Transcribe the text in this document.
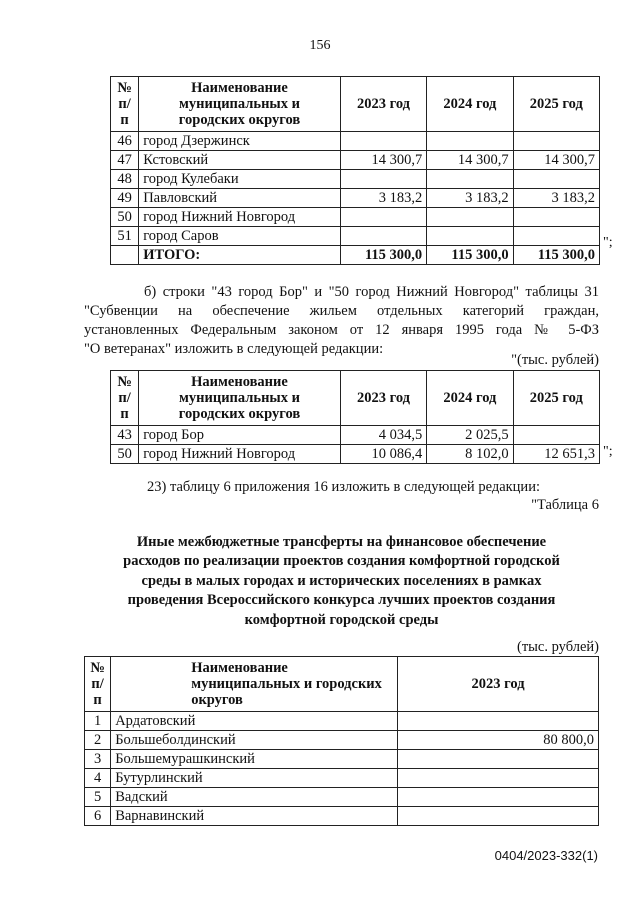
156
№ п/п	Наименование муниципальных и городских округов	2023 год	2024 год	2025 год
46	город Дзержинск			
47	Кстовский	14 300,7	14 300,7	14 300,7
48	город Кулебаки			
49	Павловский	3 183,2	3 183,2	3 183,2
50	город Нижний Новгород			
51	город Саров			
	ИТОГО:	115 300,0	115 300,0	115 300,0
";
б) строки "43 город Бор" и "50 город Нижний Новгород" таблицы 31
"Субвенции на обеспечение жильем отдельных категорий граждан,
установленных Федеральным законом от 12 января 1995 года № 5-ФЗ
"О ветеранах" изложить в следующей редакции:
"(тыс. рублей)
№ п/п	Наименование муниципальных и городских округов	2023 год	2024 год	2025 год
43	город Бор	4 034,5	2 025,5	
50	город Нижний Новгород	10 086,4	8 102,0	12 651,3 ";
23) таблицу 6 приложения 16 изложить в следующей редакции:
"Таблица 6
Иные межбюджетные трансферты на финансовое обеспечение
расходов по реализации проектов создания комфортной городской
среды в малых городах и исторических поселениях в рамках
проведения Всероссийского конкурса лучших проектов создания
комфортной городской среды
(тыс. рублей)
№ п/п	Наименование муниципальных и городских округов	2023 год
1	Ардатовский	
2	Большеболдинский	80 800,0
3	Большемурашкинский	
4	Бутурлинский	
5	Вадский	
6	Варнавинский	
0404/2023-332(1)
